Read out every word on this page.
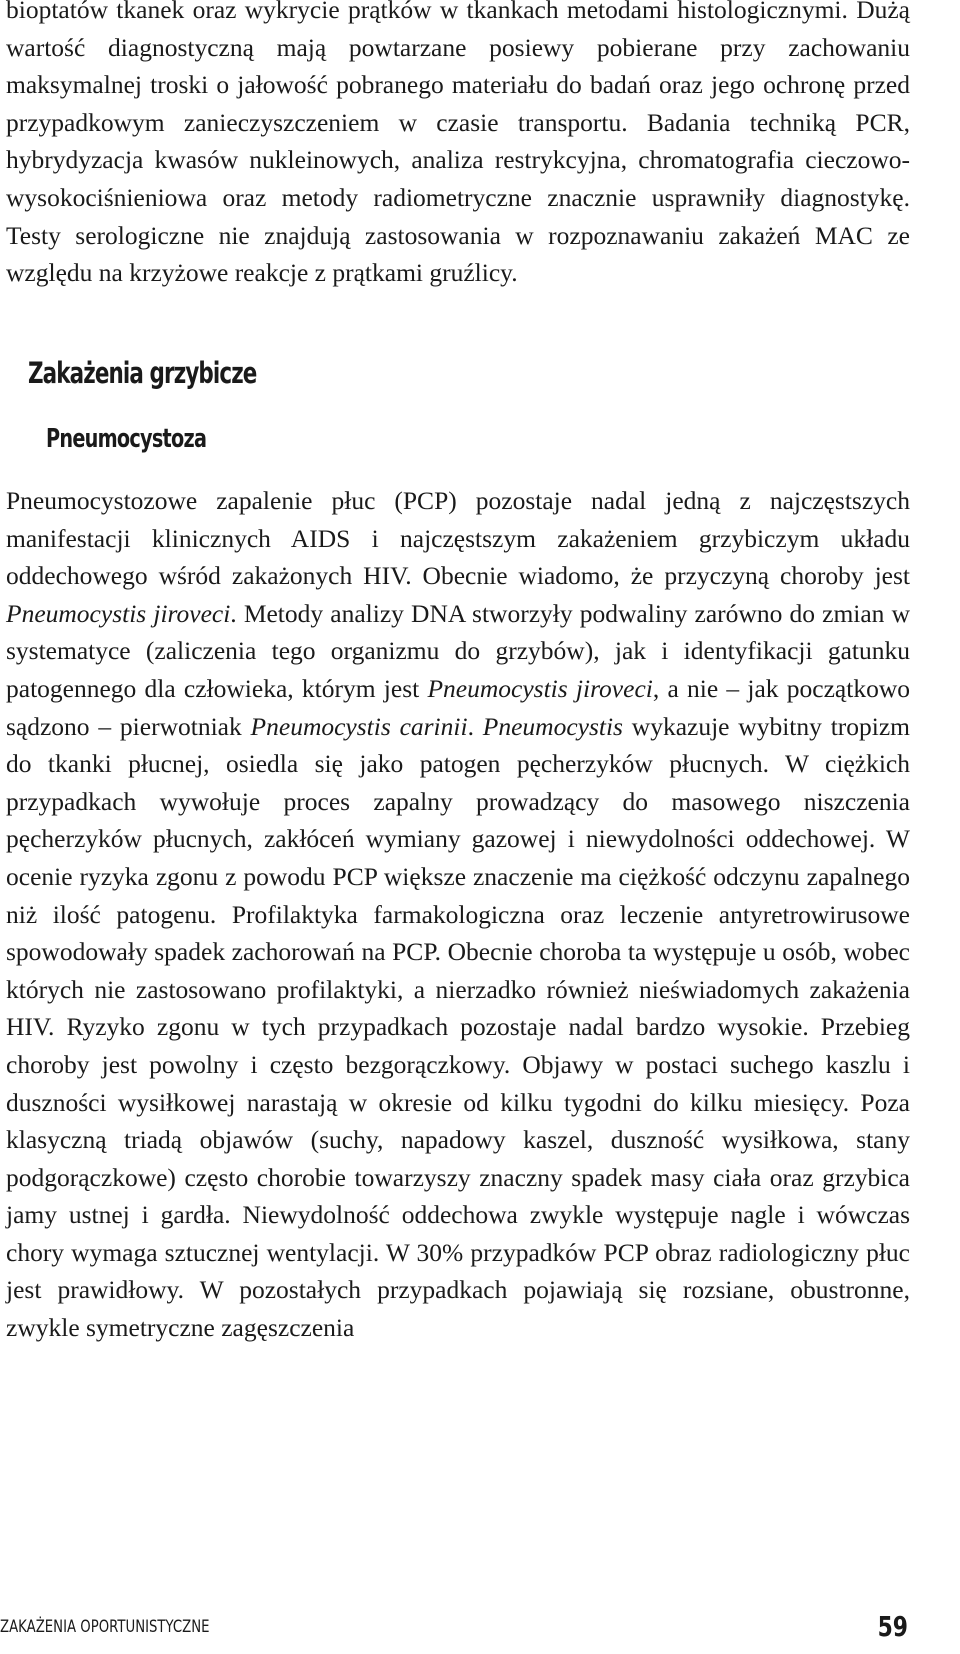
bioptatów tkanek oraz wykrycie prątków w tkankach metodami histologicznymi. Dużą wartość diagnostyczną mają powtarzane posiewy pobierane przy zachowaniu maksymalnej troski o jałowość pobranego materiału do badań oraz jego ochronę przed przypadkowym zanieczyszczeniem w czasie transportu. Badania techniką PCR, hybrydyzacja kwasów nukleinowych, analiza restrykcyjna, chromatografia cieczowo-wysokociśnieniowa oraz metody radiometryczne znacznie usprawniły diagnostykę. Testy serologiczne nie znajdują zastosowania w rozpoznawaniu zakażeń MAC ze względu na krzyżowe reakcje z prątkami gruźlicy.

Zakażenia grzybicze
Pneumocystoza

Pneumocystozowe zapalenie płuc (PCP) pozostaje nadal jedną z najczęstszych manifestacji klinicznych AIDS i najczęstszym zakażeniem grzybiczym układu oddechowego wśród zakażonych HIV. Obecnie wiadomo, że przyczyną choroby jest Pneumocystis jiroveci. Metody analizy DNA stworzyły podwaliny zarówno do zmian w systematyce (zaliczenia tego organizmu do grzybów), jak i identyfikacji gatunku patogennego dla człowieka, którym jest Pneumocystis jiroveci, a nie – jak początkowo sądzono – pierwotniak Pneumocystis carinii. Pneumocystis wykazuje wybitny tropizm do tkanki płucnej, osiedla się jako patogen pęcherzyków płucnych. W ciężkich przypadkach wywołuje proces zapalny prowadzący do masowego niszczenia pęcherzyków płucnych, zakłóceń wymiany gazowej i niewydolności oddechowej. W ocenie ryzyka zgonu z powodu PCP większe znaczenie ma ciężkość odczynu zapalnego niż ilość patogenu. Profilaktyka farmakologiczna oraz leczenie antyretrowirusowe spowodowały spadek zachorowań na PCP. Obecnie choroba ta występuje u osób, wobec których nie zastosowano profilaktyki, a nierzadko również nieświadomych zakażenia HIV. Ryzyko zgonu w tych przypadkach pozostaje nadal bardzo wysokie. Przebieg choroby jest powolny i często bezgorączkowy. Objawy w postaci suchego kaszlu i duszności wysiłkowej narastają w okresie od kilku tygodni do kilku miesięcy. Poza klasyczną triadą objawów (suchy, napadowy kaszel, duszność wysiłkowa, stany podgorączkowe) często chorobie towarzyszy znaczny spadek masy ciała oraz grzybica jamy ustnej i gardła. Niewydolność oddechowa zwykle występuje nagle i wówczas chory wymaga sztucznej wentylacji. W 30% przypadków PCP obraz radiologiczny płuc jest prawidłowy. W pozostałych przypadkach pojawiają się rozsiane, obustronne, zwykle symetryczne zagęszczenia

ZAKAŻENIA OPORTUNISTYCZNE	59
